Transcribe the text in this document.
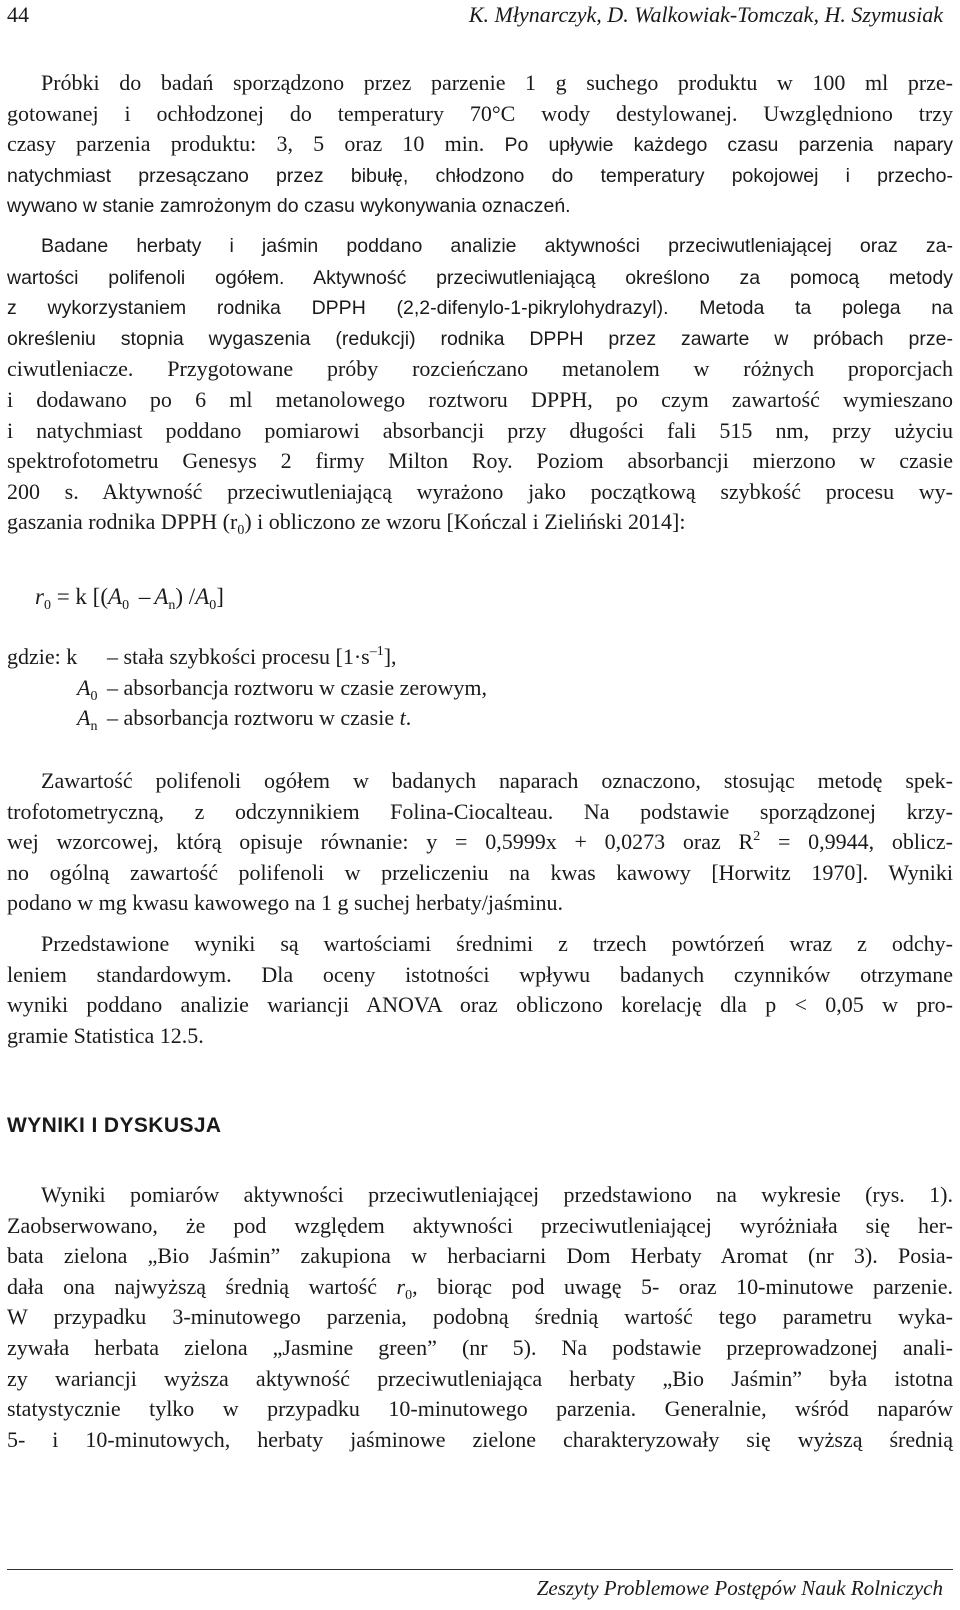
44	K. Młynarczyk, D. Walkowiak-Tomczak, H. Szymusiak
Próbki do badań sporządzono przez parzenie 1 g suchego produktu w 100 ml prze-
gotowanej i ochłodzonej do temperatury 70°C wody destylowanej. Uwzględniono trzy
czasy parzenia produktu: 3, 5 oraz 10 min. Po upływie każdego czasu parzenia napary
natychmiast przesączano przez bibułę, chłodzono do temperatury pokojowej i przecho-
wywano w stanie zamrożonym do czasu wykonywania oznaczeń.
Badane herbaty i jaśmin poddano analizie aktywności przeciwutleniającej oraz za-
wartości polifenoli ogółem. Aktywność przeciwutleniającą określono za pomocą metody
z wykorzystaniem rodnika DPPH (2,2-difenylo-1-pikrylohydrazyl). Metoda ta polega na
określeniu stopnia wygaszenia (redukcji) rodnika DPPH przez zawarte w próbach prze-
ciwutleniacze. Przygotowane próby rozcieńczano metanolem w różnych proporcjach
i dodawano po 6 ml metanolowego roztworu DPPH, po czym zawartość wymieszano
i natychmiast poddano pomiarowi absorbancji przy długości fali 515 nm, przy użyciu
spektrofotometru Genesys 2 firmy Milton Roy. Poziom absorbancji mierzono w czasie
200 s. Aktywność przeciwutleniającą wyrażono jako początkową szybkość procesu wy-
gaszania rodnika DPPH $(r_0)$ i obliczono ze wzoru [Kończal i Zieliński 2014]:
$r_0 = k$ [$(A_0 - A_n)$ $/A_0$]
gdzie: k – stała szybkości procesu $[1\cdot s^{-1}]$,
$A_0$ – absorbancja roztworu w czasie zerowym,
$A_n$ – absorbancja roztworu w czasie t.
Zawartość polifenoli ogółem w badanych naparach oznaczono, stosując metodę spek-
trofotometryczną, z odczynnikiem Folina-Ciocalteau. Na podstawie sporządzonej krzy-
wej wzorcowej, którą opisuje równanie: y = 0,5999x + 0,0273 oraz $R^2 = 0,9944$, oblicz-
no ogólną zawartość polifenoli w przeliczeniu na kwas kawowy [Horwitz 1970]. Wyniki
podano w mg kwasu kawowego na 1 g suchej herbaty/jaśminu.
Przedstawione wyniki są wartościami średnimi z trzech powtórzeń wraz z odchy-
leniem standardowym. Dla oceny istotności wpływu badanych czynników otrzymane
wyniki poddano analizie wariancji ANOVA oraz obliczono korelację dla p < 0,05 w pro-
gramie Statistica 12.5.
WYNIKI I DYSKUSJA
Wyniki pomiarów aktywności przeciwutleniającej przedstawiono na wykresie (rys. 1).
Zaobserwowano, że pod względem aktywności przeciwutleniającej wyróżniała się her-
bata zielona „Bio Jaśmin” zakupiona w herbaciarni Dom Herbaty Aromat (nr 3). Posia-
dała ona najwyższą średnią wartość $r_0$, biorąc pod uwagę 5- oraz 10-minutowe parzenie.
W przypadku 3-minutowego parzenia, podobną średnią wartość tego parametru wyka-
zywała herbata zielona „Jasmine green” (nr 5). Na podstawie przeprowadzonej anali-
zy wariancji wyższa aktywność przeciwutleniająca herbaty „Bio Jaśmin” była istotna
statystycznie tylko w przypadku 10-minutowego parzenia. Generalnie, wśród naparów
5- i 10-minutowych, herbaty jaśminowe zielone charakteryzowały się wyższą średnią
Zeszyty Problemowe Postępów Nauk Rolniczych
